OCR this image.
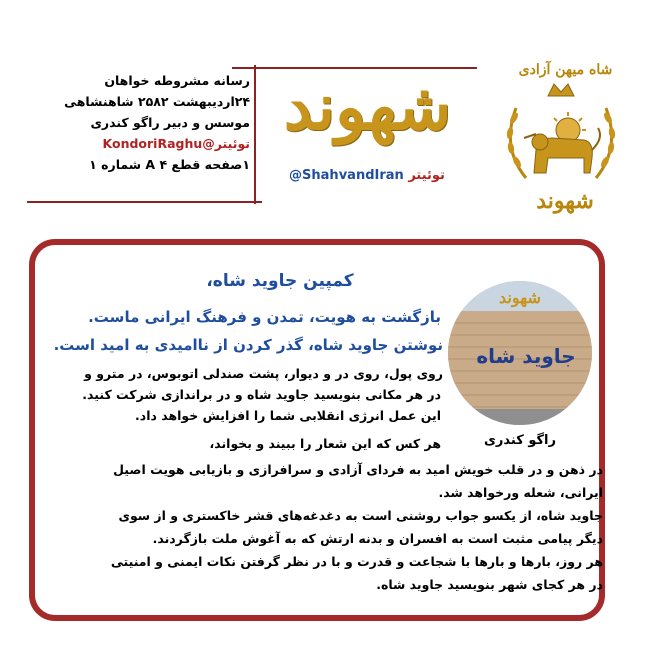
شاه میهن آزادی
شهوند
شهوند
@ShahvandIran توئیتر
رسانه مشروطه خواهان
۲۴اردیبهشت ۲۵۸۲ شاهنشاهی
موسس و دبیر راگو کندری
توئیتر@KondoriRaghu
۱صفحه قطع A ۴ شماره ۱
شهوند
جاوید شاه
راگو کندری
کمپین جاوید شاه،
بازگشت به هویت، تمدن و فرهنگ ایرانی ماست.
نوشتن جاوید شاه، گذر کردن از ناامیدی به امید است.
روی پول، روی در و دیوار، پشت صندلی اتوبوس، در مترو و
در هر مکانی بنویسید جاوید شاه و در براندازی شرکت کنید.
این عمل انرژی انقلابی شما را افزایش خواهد داد.
هر کس که این شعار را ببیند و بخواند،
در ذهن و در قلب خویش امید به فردای آزادی و سرافرازی و بازیابی هویت اصیل
ایرانی، شعله ورخواهد شد.
جاوید شاه، از یکسو جواب روشنی است به دغدغه‌های قشر خاکستری و از سوی
دیگر پیامی مثبت است به افسران و بدنه ارتش که به آغوش ملت بازگردند.
هر روز، بارها و بارها با شجاعت و قدرت و با در نظر گرفتن نکات ایمنی و امنیتی
در هر کجای شهر بنویسید جاوید شاه.
